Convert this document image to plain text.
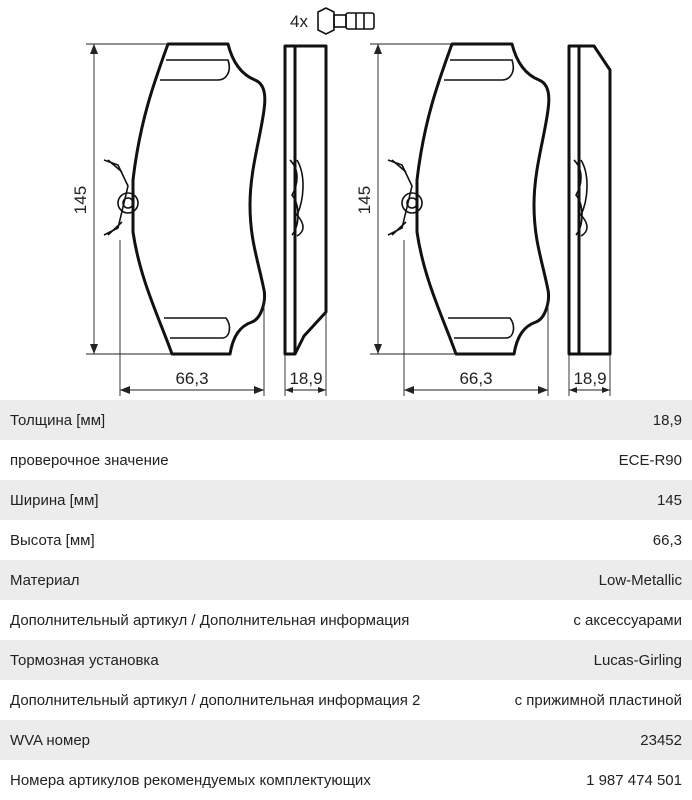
4x
145
66,3	18,9
145
66,3	18,9
Толщина [мм]	18,9
проверочное значение	ECE-R90
Ширина [мм]	145
Высота [мм]	66,3
Материал	Low-Metallic
Дополнительный артикул / Дополнительная информация	с аксессуарами
Тормозная установка	Lucas-Girling
Дополнительный артикул / дополнительная информация 2	с прижимной пластиной
WVA номер	23452
Номера артикулов рекомендуемых комплектующих	1 987 474 501
